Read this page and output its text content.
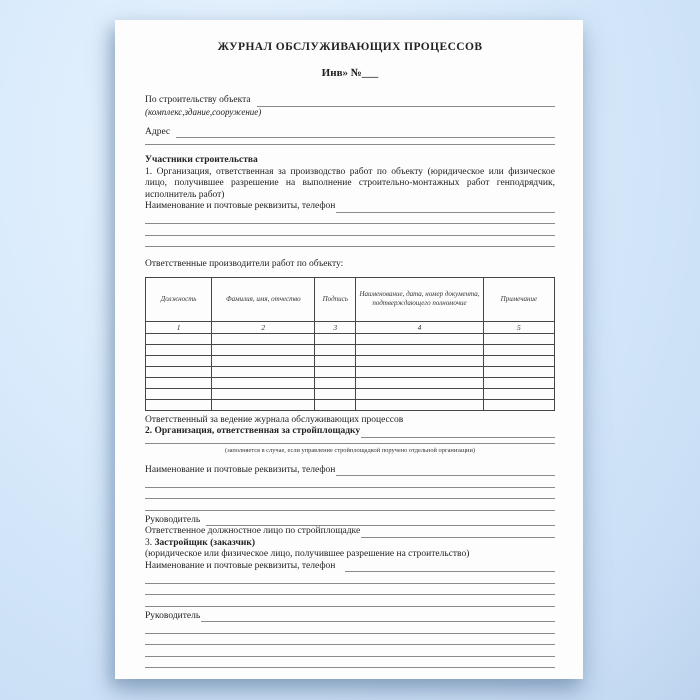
ЖУРНАЛ ОБСЛУЖИВАЮЩИХ ПРОЦЕССОВ
Инв» №___
По строительству объекта
(комплекс,здание,сооружение)
Адрес
Участники строительства
1. Организация, ответственная за производство работ по объекту (юридическое или физическое лицо, получившее разрешение на выполнение строительно-монтажных работ генподрядчик, исполнитель работ)
Наименование и почтовые реквизиты, телефон
Ответственные производители работ по объекту:
Должность	Фамилия, имя, отчество	Подпись	Наименование, дата, номер документа, подтверждающего полномочие	Примечание
1	2	3	4	5

Ответственный за ведение журнала обслуживающих процессов
2. Организация, ответственная за стройплощадку
(заполняется в случае, если управление стройплощадкой поручено отдельной организации)
Наименование и почтовые реквизиты, телефон
Руководитель
Ответственное должностное лицо по стройплощадке
3. Застройщик (заказчик)
(юридическое или физическое лицо, получившее разрешение на строительство)
Наименование и почтовые реквизиты, телефон
Руководитель
